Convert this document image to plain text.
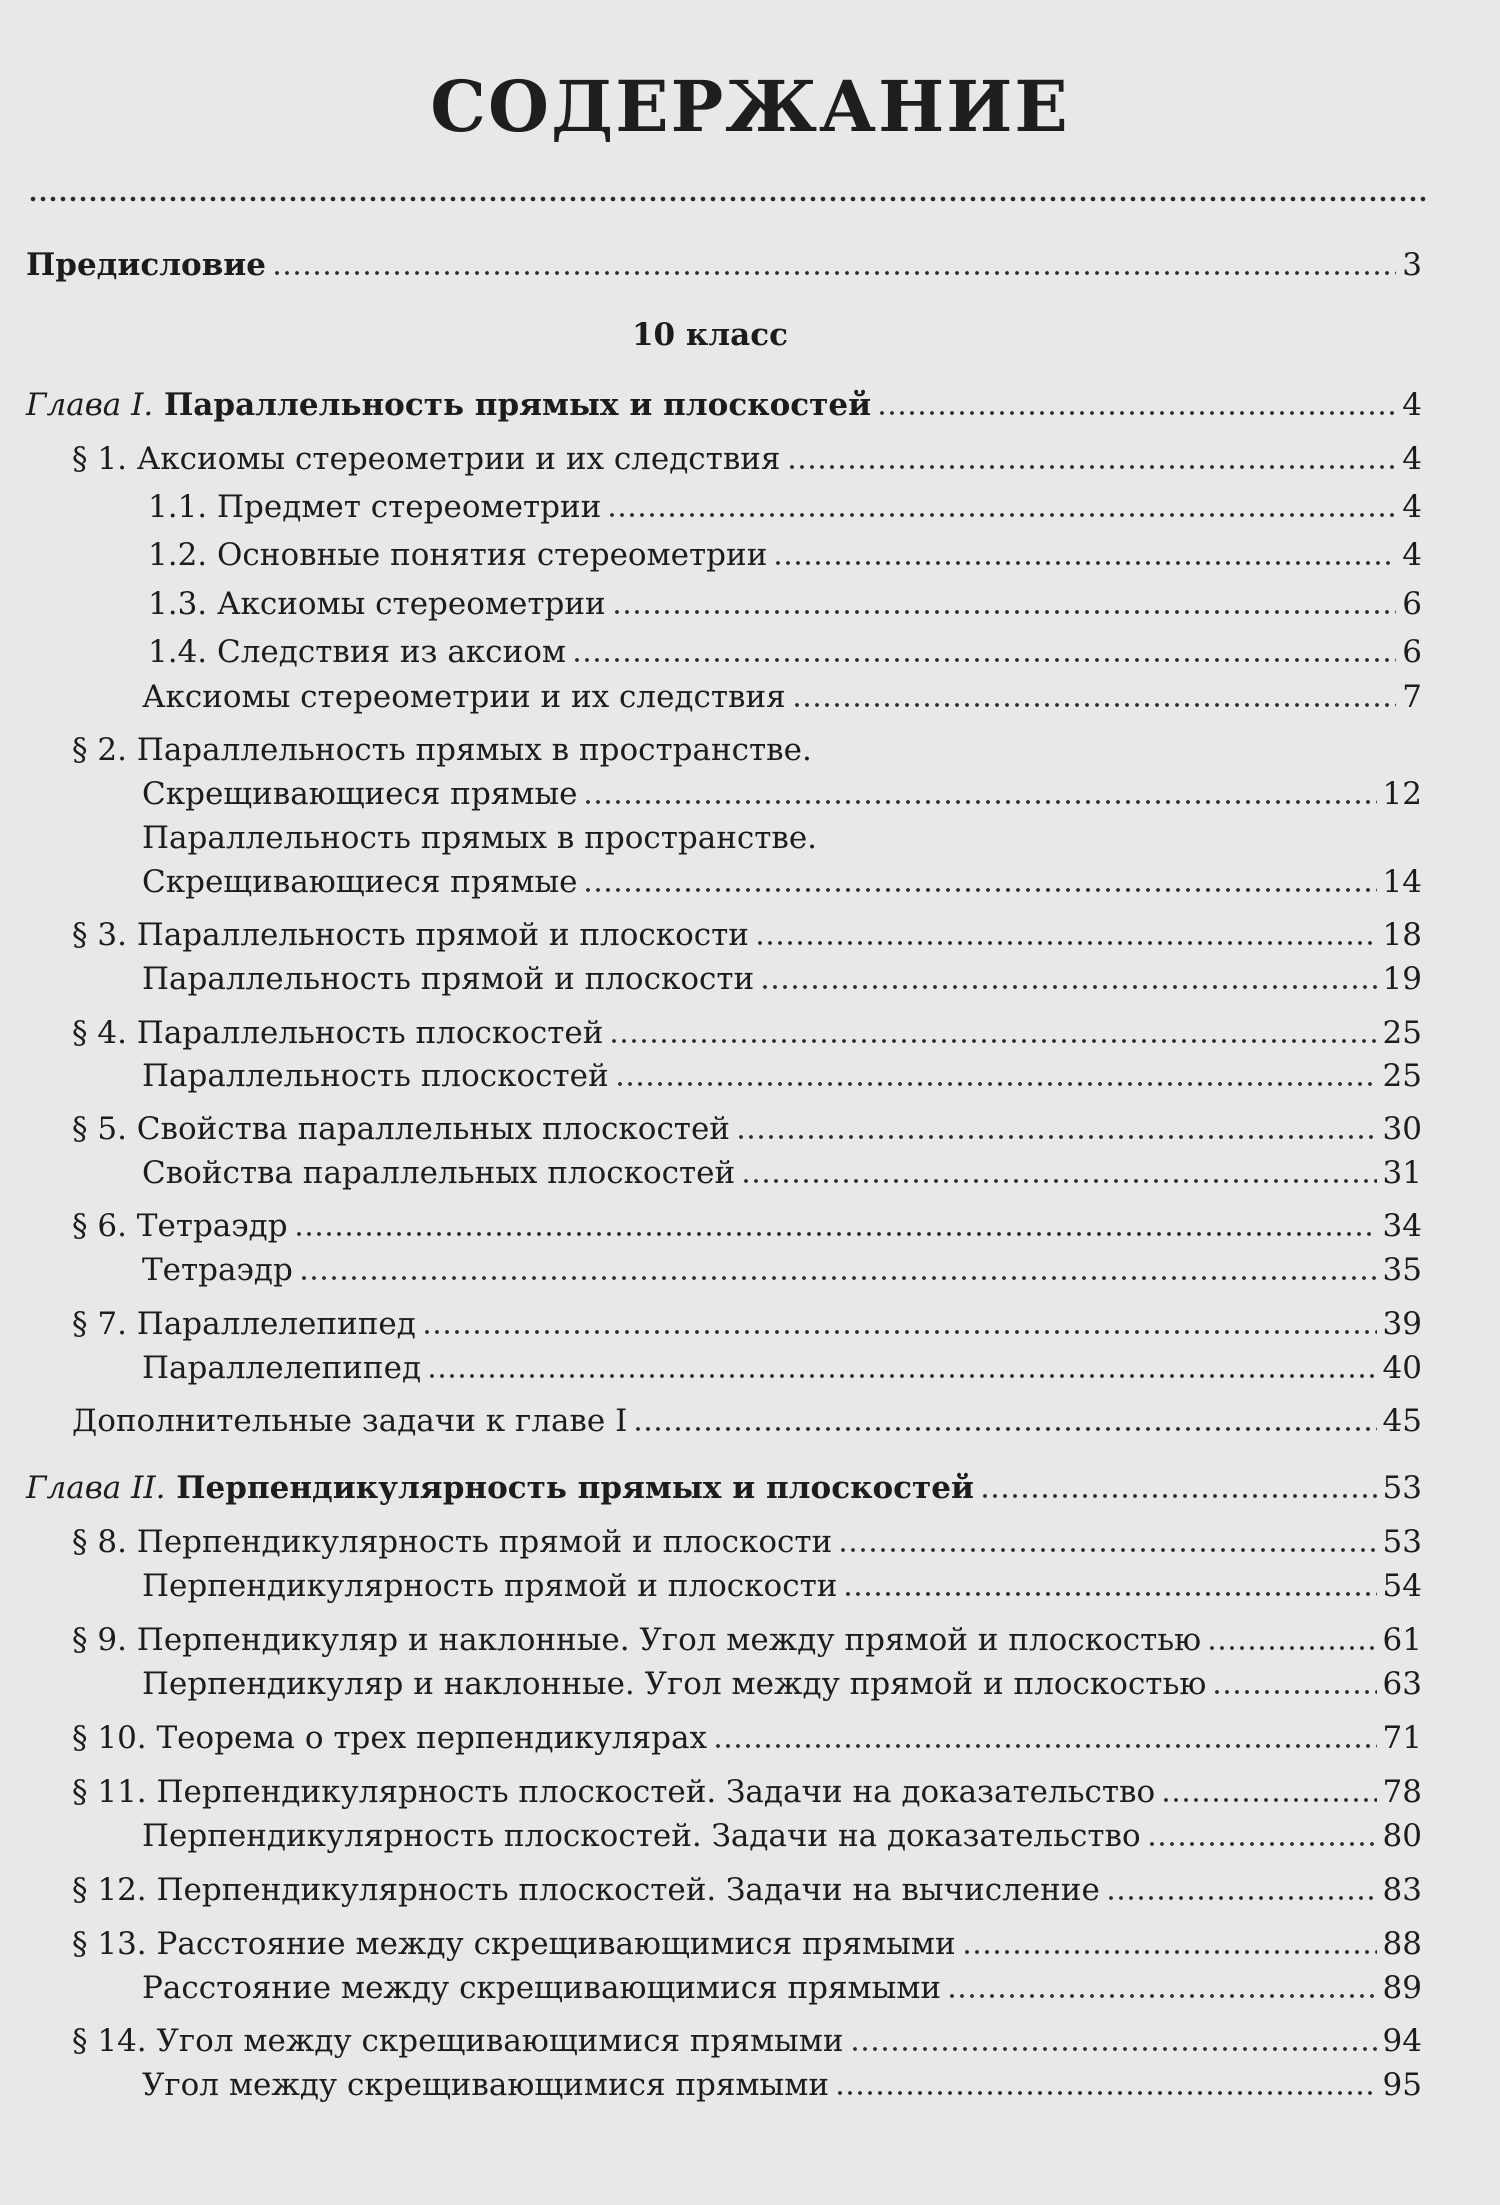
СОДЕРЖАНИЕ
Предисловие	3
10 класс
Глава I. Параллельность прямых и плоскостей	4
§ 1. Аксиомы стереометрии и их следствия	4
1.1. Предмет стереометрии	4
1.2. Основные понятия стереометрии	4
1.3. Аксиомы стереометрии	6
1.4. Следствия из аксиом	6
Аксиомы стереометрии и их следствия	7
§ 2. Параллельность прямых в пространстве.
Скрещивающиеся прямые	12
Параллельность прямых в пространстве.
Скрещивающиеся прямые	14
§ 3. Параллельность прямой и плоскости	18
Параллельность прямой и плоскости	19
§ 4. Параллельность плоскостей	25
Параллельность плоскостей	25
§ 5. Свойства параллельных плоскостей	30
Свойства параллельных плоскостей	31
§ 6. Тетраэдр	34
Тетраэдр	35
§ 7. Параллелепипед	39
Параллелепипед	40
Дополнительные задачи к главе I	45
Глава II. Перпендикулярность прямых и плоскостей	53
§ 8. Перпендикулярность прямой и плоскости	53
Перпендикулярность прямой и плоскости	54
§ 9. Перпендикуляр и наклонные. Угол между прямой и плоскостью	61
Перпендикуляр и наклонные. Угол между прямой и плоскостью	63
§ 10. Теорема о трех перпендикулярах	71
§ 11. Перпендикулярность плоскостей. Задачи на доказательство	78
Перпендикулярность плоскостей. Задачи на доказательство	80
§ 12. Перпендикулярность плоскостей. Задачи на вычисление	83
§ 13. Расстояние между скрещивающимися прямыми	88
Расстояние между скрещивающимися прямыми	89
§ 14. Угол между скрещивающимися прямыми	94
Угол между скрещивающимися прямыми	95
